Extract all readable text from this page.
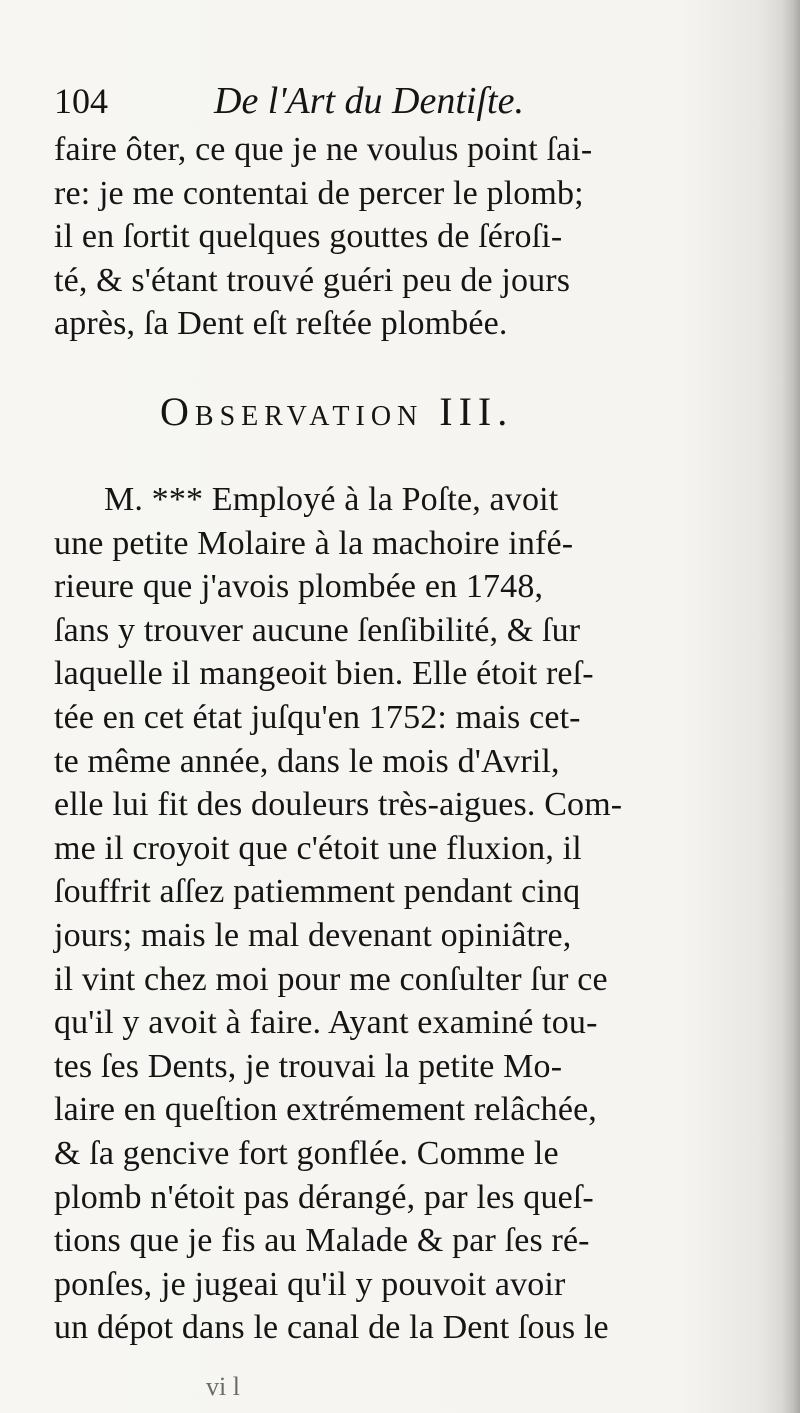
104	De l'Art du Dentiſte.
faire ôter, ce que je ne voulus point ſai-
re: je me contentai de percer le plomb;
il en ſortit quelques gouttes de ſéroſi-
té, & s'étant trouvé guéri peu de jours
après, ſa Dent eſt reſtée plombée.
Observation III.
M. *** Employé à la Poſte, avoit
une petite Molaire à la machoire infé-
rieure que j'avois plombée en 1748,
ſans y trouver aucune ſenſibilité, & ſur
laquelle il mangeoit bien. Elle étoit reſ-
tée en cet état juſqu'en 1752: mais cet-
te même année, dans le mois d'Avril,
elle lui fit des douleurs très-aigues. Com-
me il croyoit que c'étoit une fluxion, il
ſouffrit aſſez patiemment pendant cinq
jours; mais le mal devenant opiniâtre,
il vint chez moi pour me conſulter ſur ce
qu'il y avoit à faire. Ayant examiné tou-
tes ſes Dents, je trouvai la petite Mo-
laire en queſtion extrémement relâchée,
& ſa gencive fort gonflée. Comme le
plomb n'étoit pas dérangé, par les queſ-
tions que je fis au Malade & par ſes ré-
ponſes, je jugeai qu'il y pouvoit avoir
un dépot dans le canal de la Dent ſous le
vi l
